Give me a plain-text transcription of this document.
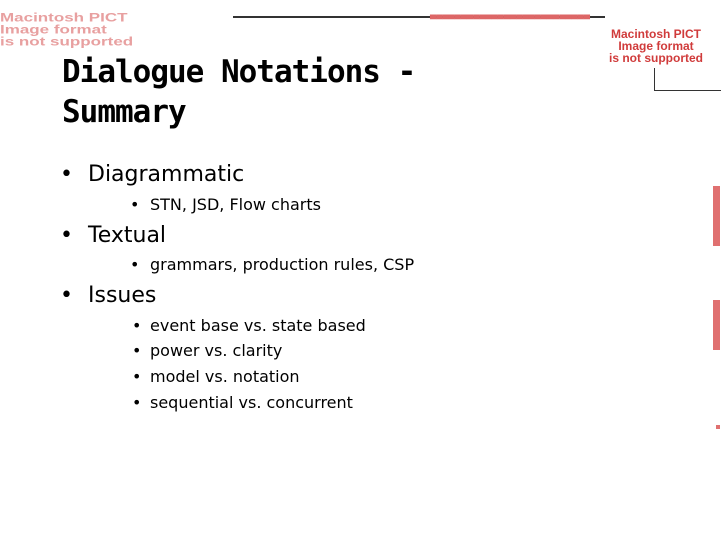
Macintosh PICT
Image format
is not supported
▀▀▀▀▀▀▀▀▀▀▀▀▀▀▀▀▀▀▀▀▀▀▀▀▀▀
Macintosh PICT
Image format
is not supported
Dialogue Notations -
Summary
• Diagrammatic
• STN, JSD, Flow charts
• Textual
• grammars, production rules, CSP
• Issues
• event base vs. state based
• power vs. clarity
• model vs. notation
• sequential vs. concurrent
